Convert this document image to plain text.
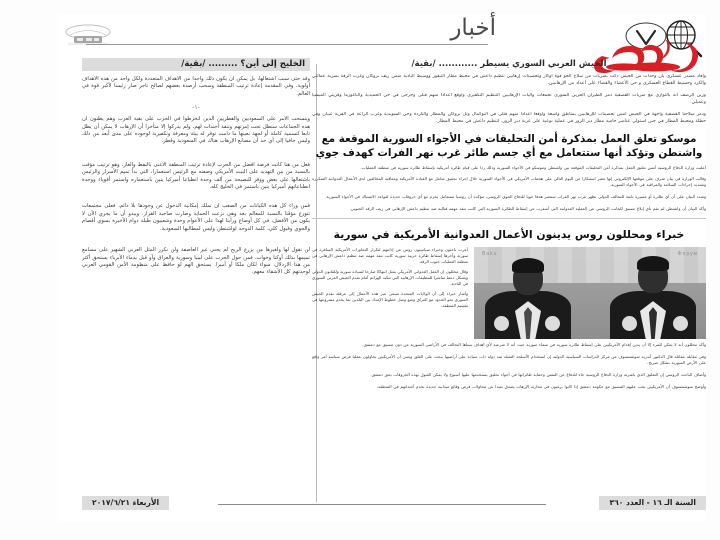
أخبار
الخليج إلى أين؟ ......... /بقية/

وقد حتى سبب اشتعالها، بل يمكن أن يكون ذلك واحدا من الأهداف المتعددة ولكل واحد من هذه الأهداف أولوية. وفي المقدمة إعادة ترتيب المنطقة وسحب أرصدة بعضهم لصالح تاجر صار رئيسا لأكبر قوة في العالم.

-١-

وينسحب الأمر على السعوديين والقطريين الذين انخرطوا في الحرب على بقية العرب وهم يظنون أن هذه الجماعات ستظل تحت إمرتهم وتنفذ أجندات لهم، ولم يدركوا إلا متأخرا أن الإرهاب لا يمكن أن يظل تابعا لتسمية كاملة أو لجهة بعينها ما دامت توفر له بيئة ومعرفة وتكفيرية لوجوده على مدى أبعد من ذلك وليس خافيا إلى أي حد أن مصانع الإرهاب هناك في السعودية وقطر.

فعل من هنا كانت فرصة أفضل من الحرب لإعادة ترتيب المنطقة الأغنى بالنفط والغاز، وهو ترتيب مؤقت بالنسبة من بين التهديد على البيت الأمريكي وصفته مع الرئيس استعمارا، التي بدأ تميم الأسرار والرئيس باشتعالها على بعض ووفر للنصيحة من ألف وحدة انطباعا أميركيا يتين باستعماره واستمر أقوياء ووحدة انطباعاتهم أميركيا يتين باستمر في الخليج كله.

فمن وراء كل هذه الكيانات من الصعب أن تملك إمكانية الدخول عن وجودها بلا دائم، فعلى مجتمعات تتوزع مؤقتا بالنسبة للمعالم بعد وهي نزعت الحماية وصارت صاحبة القرار. ويبدو أن ما يجري الآن لا يكون من الأفضل، في كل أوضاع ورأينا لهذا على الأعوام وحدة وشعبيون طيلة دوام الأخيرة بسوي أقصام والجوي وقبول كلي، كلمة الدوحة لواشنطن وليس لمطالبها السعودية.

لن نقول لها ولغيرها من يزرع الريح لم يجني غير العاصفة ولن نكرر المثل العربي الشهير على مسامع تميمها بذلك أوكنا وخوات. فمن حول الحرب على ليبيا وسورية والعراق وأو قبل بدماء الأبرياء يستحق أكثر من هذا الازدلال، سواء لكان ملكا أو أميرا. يستحق الهم لو حافظ على منظومة الأمن القومي العربي لوجدتهم كل الأشقاء معهم.

الجيش العربي السوري يسيطر ............ /بقية/

وأفاد مصدر عسكري بأن وحدات من الجيش دكت بضربات من سلاح الجو قوة أوكار وتحصينات إرهابيي تنظيم داعش في محيط مطار التيفور ووسيط البادية ضمن ريف بروكان وغرب الرقة بضربة عمالتي والكرد وحسيط القطاع العسكري و حي الأعضاء والقضاء على أعداد من الإرهابيين.

وزين الرصف أنه بالتوازي مع ضربات القصفية دمر الطيران الحربي السوري تجمعات وآليات الإرهابيين التنظيم التكفيري وأوقع أعدادا منهم قتلى وجرحى في حي الحميدية والباغوزما وقريتي الميشيا وعميلي.

ودمر سلاحنا القصفية واجهة في الجيش أمس تحصينات للإرهابيين بمناطق واسعة وأوقعا أعدادا منهم قتلى في البوكمال وتل بروكان والمطار والكردة وحي السويدية وغرب الراعة في القرية عيبان وفي حطلة ومحيط المطار في حين استولى عناصر حامية مطار دير الزور في عملية نوعية على غربة دير الزور، لتنظيم داعش في محيط المطار.

موسكو تعلق العمل بمذكرة أمن التحليقات في الأجواء السورية الموقعة مع واشنطن وتؤكد أنها ستتعامل مع أي جسم طائر غرب نهر الفرات كهدف جوي

أعلنت وزارة الدفاع الروسية أمس تعليق العمل بمذكرة أمن التحليقات الموقعة بين واشنطن وموسكو في الأجواء السورية وذلك ردا على قيام طائرة أمريكية بإسقاط طائرة سورية في منطقة العمليات.

وقالت الوزارة في بيان شرف على موقعها الإلكتروني إنها تعتبر استنكارا من اليوم التالي على هجمات الأمريكي في الأجواء السورية خلال إجراء تحقيق شامل مع القيادة الأمريكية ومعاقبة المخالفين لدى الأعمال العدوانية المتكررة وتشديد إجراءات السلامة والمراقبة في الأجواء السورية.

وشدد البيان على أن أي طائرة أو مسيرة تابعة للتحالف الدولي تظهر غرب نهر الفرات ستعتبر هدفا جويا للدفاع الجوي الروسي، مؤكدة أن روسيا ستتعامل بحزم مع أي خروقات جديدة لقواعد الاشتباك في الأجواء السورية.

وأكد البيان أن واشنطن لم تقم بأي إبلاغ مسبق للجانب الروسي عن العملية العدوانية التي أسفرت عن إسقاط الطائرة السورية التي كانت تنفذ مهمة قتالية ضد تنظيم داعش الإرهابي في ريف الرقة الجنوبي.

خبراء ومحللون روس يدينون الأعمال العدوانية الأمريكية في سورية
Форум
Baku

أعرب باحثون وخبراء سياسيون روس عن إدانتهم لتكرار التجاوزات الأمريكية السافرة في سورية وآخرها إسقاط طائرة حربية سورية كانت تنفذ مهمة ضد تنظيم داعش الإرهابي في منطقة العمليات جنوب الرقة.

وقال محللون إن العمل العدواني الأمريكي يمثل انتهاكا صارخا لسيادة سورية وللقانون الدولي ويشكل دعما مباشرا للتنظيمات الإرهابية التي تتكبد الهزائم أمام تقدم الجيش العربي السوري في البادية.

وأشار خبراء إلى أن الولايات المتحدة تسعى عبر هذه الأعمال إلى عرقلة تقدم الجيش السوري نحو الحدود مع العراق ومنع وصل خطوط الإمداد بين البلدين بما يخدم مشروعها في تقسيم المنطقة.

وأكد محللون أنه لا يمكن للمرء إلا أن يدين إقدام الأمريكيين على إسقاط طائرة سورية في سماء سورية حيث أنه لا شرعية لأي أهداف يتبناها التحالف في الأراضي السورية من دون تنسيق مع دمشق.

وفي مقابلة مماثلة قال الدكتور أندريه سوشنتسوف من مركز الدراسات السياسية الدولية إن استخدام الأسلحة الثقيلة ضد دولة ذات سيادة على أراضيها يبحث على القلق ويعني أن الأمريكيين يحاولون عمليا فرض سياسة أمر واقع على الأرض السورية بشكل صريح.

وأضاف الباحث الروسي إن التعليق الذي باشرته وزارة الدفاع الروسية جاء للدفاع عن النفس وحماية طائراتها في أجواء تحليق يستخدمها عليها أسبوع ولا يمكن القبول بهذه الخروقات بحق دمشق.

وأوضح سوشنتسوف أن الأمريكيين يجب عليهم التنسيق مع حكومة دمشق إذا كانوا يرغبون في محاربة الإرهاب بصدق بعيدا عن محاولات فرض وقائع ميدانية جديدة تخدم أجنداتهم في المنطقة.

الأربعاء ٢٠١٧/٦/٢١	السنة الـ ١٦ - العدد ٣٦٠
